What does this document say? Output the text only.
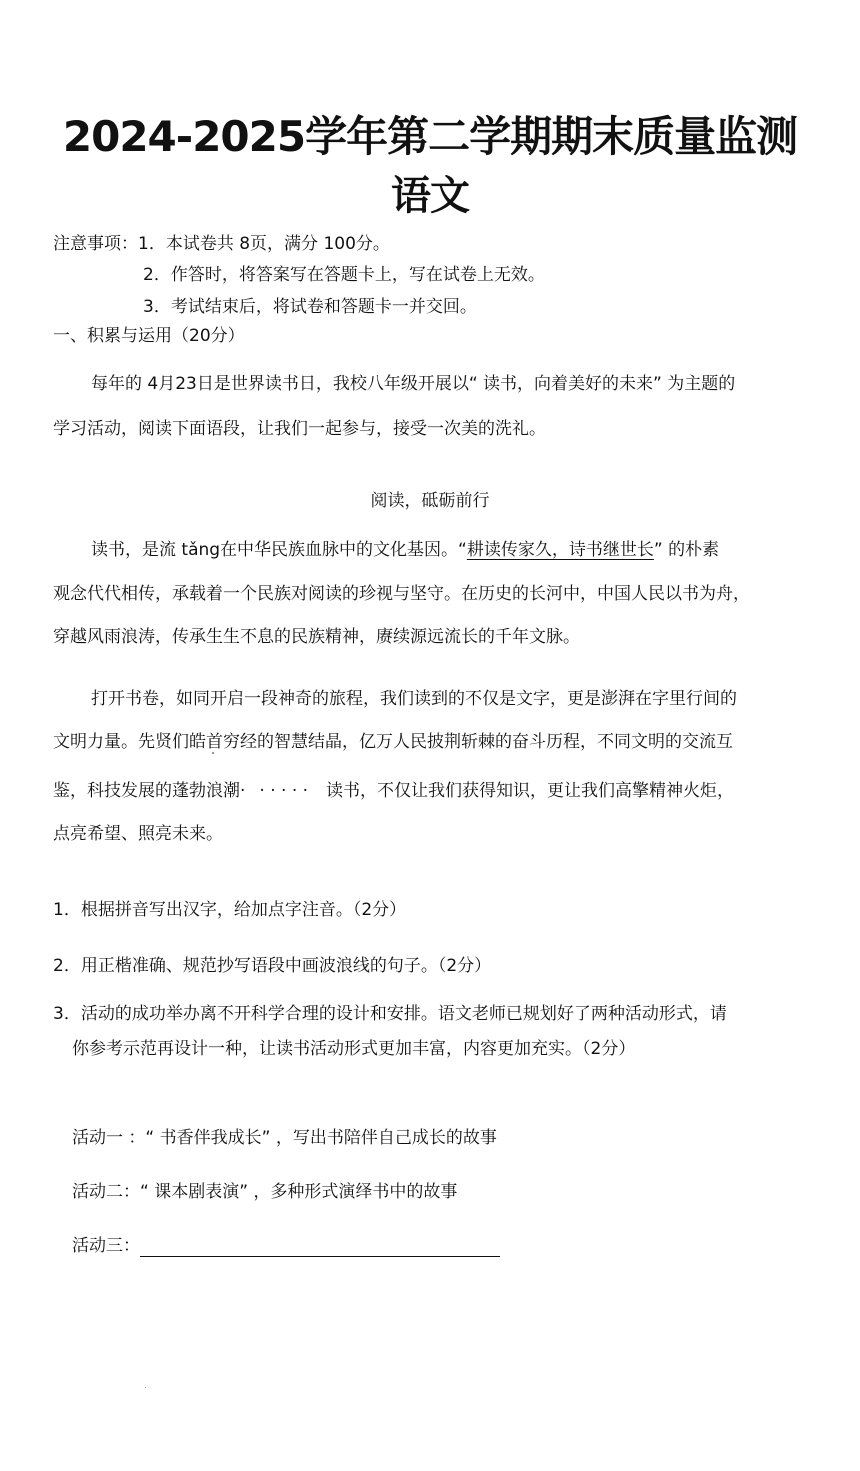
2024-2025学年第二学期期末质量监测
语文
注意事项：1．本试卷共 8页，满分 100分。
2．作答时，将答案写在答题卡上，写在试卷上无效。
3．考试结束后，将试卷和答题卡一并交回。
一、积累与运用（20分）
每年的 4月23日是世界读书日，我校八年级开展以“ 读书，向着美好的未来” 为主题的
学习活动，阅读下面语段，让我们一起参与，接受一次美的洗礼。
阅读，砥砺前行
读书，是流 tǎng在中华民族血脉中的文化基因。“耕读传家久，诗书继世长” 的朴素
观念代代相传，承载着一个民族对阅读的珍视与坚守。在历史的长河中，中国人民以书为舟，
穿越风雨浪涛，传承生生不息的民族精神，赓续源远流长的千年文脉。
打开书卷，如同开启一段神奇的旅程，我们读到的不仅是文字，更是澎湃在字里行间的
文明力量。先贤们皓首穷经的智慧结晶，亿万人民披荆斩棘的奋斗历程，不同文明的交流互
鉴，科技发展的蓬勃浪潮· · · · · · 读书，不仅让我们获得知识，更让我们高擎精神火炬，
点亮希望、照亮未来。
1．根据拼音写出汉字，给加点字注音。（2分）
2．用正楷准确、规范抄写语段中画波浪线的句子。（2分）
3．活动的成功举办离不开科学合理的设计和安排。语文老师已规划好了两种活动形式，请
你参考示范再设计一种，让读书活动形式更加丰富，内容更加充实。（2分）
活动一 ：“ 书香伴我成长” ，写出书陪伴自己成长的故事
活动二：“ 课本剧表演” ，多种形式演绎书中的故事
活动三：
